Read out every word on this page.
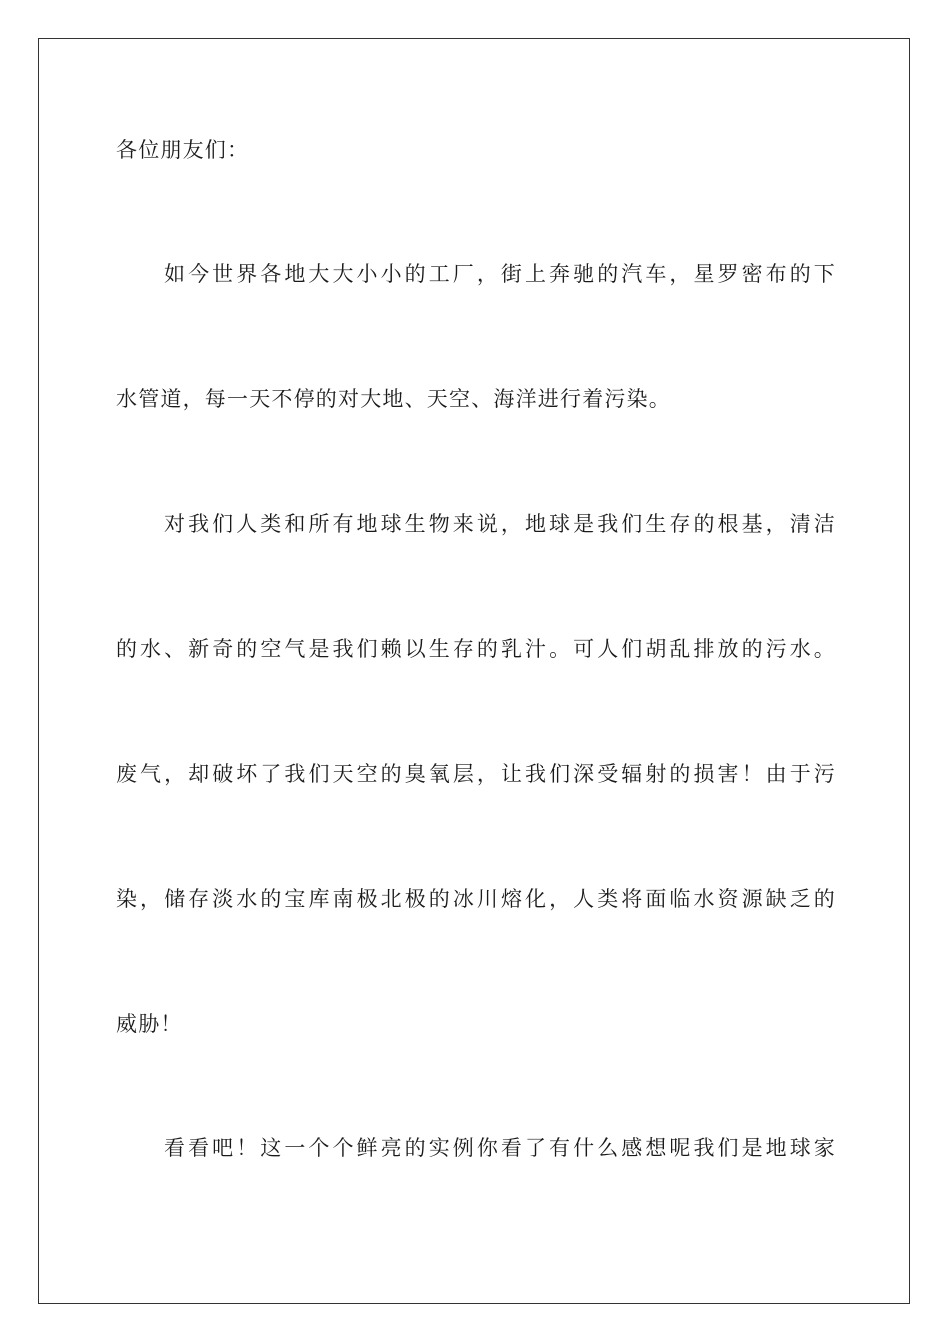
各位朋友们：
如今世界各地大大小小的工厂，街上奔驰的汽车，星罗密布的下
水管道，每一天不停的对大地、天空、海洋进行着污染。
对我们人类和所有地球生物来说，地球是我们生存的根基，清洁
的水、新奇的空气是我们赖以生存的乳汁。可人们胡乱排放的污水。
废气，却破坏了我们天空的臭氧层，让我们深受辐射的损害！由于污
染，储存淡水的宝库南极北极的冰川熔化，人类将面临水资源缺乏的
威胁！
看看吧！这一个个鲜亮的实例你看了有什么感想呢我们是地球家
